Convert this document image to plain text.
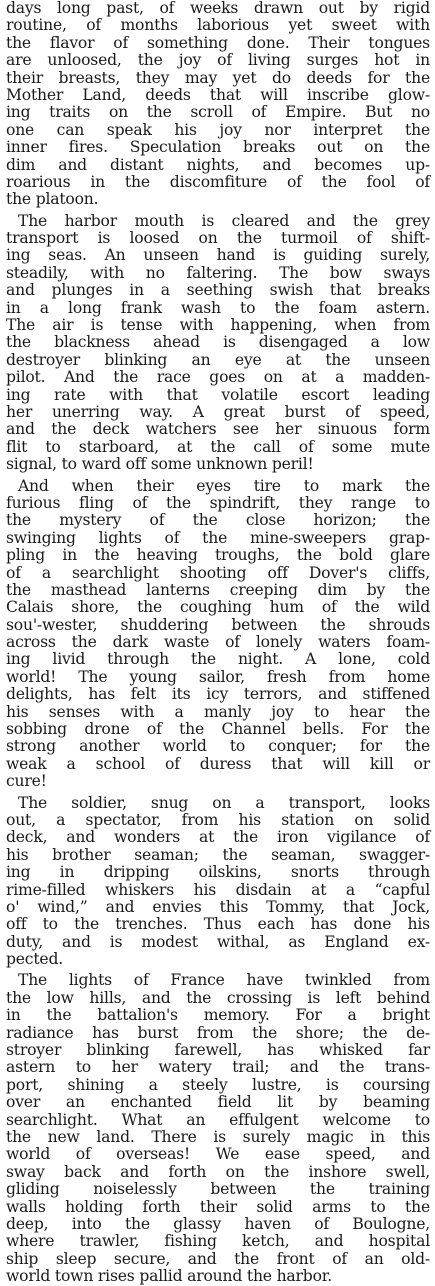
days long past, of weeks drawn out by rigid
routine, of months laborious yet sweet with
the flavor of something done. Their tongues
are unloosed, the joy of living surges hot in
their breasts, they may yet do deeds for the
Mother Land, deeds that will inscribe glow-
ing traits on the scroll of Empire. But no
one can speak his joy nor interpret the
inner fires. Speculation breaks out on the
dim and distant nights, and becomes up-
roarious in the discomfiture of the fool of
the platoon.
The harbor mouth is cleared and the grey
transport is loosed on the turmoil of shift-
ing seas. An unseen hand is guiding surely,
steadily, with no faltering. The bow sways
and plunges in a seething swish that breaks
in a long frank wash to the foam astern.
The air is tense with happening, when from
the blackness ahead is disengaged a low
destroyer blinking an eye at the unseen
pilot. And the race goes on at a madden-
ing rate with that volatile escort leading
her unerring way. A great burst of speed,
and the deck watchers see her sinuous form
flit to starboard, at the call of some mute
signal, to ward off some unknown peril!
And when their eyes tire to mark the
furious fling of the spindrift, they range to
the mystery of the close horizon; the
swinging lights of the mine-sweepers grap-
pling in the heaving troughs, the bold glare
of a searchlight shooting off Dover's cliffs,
the masthead lanterns creeping dim by the
Calais shore, the coughing hum of the wild
sou'-wester, shuddering between the shrouds
across the dark waste of lonely waters foam-
ing livid through the night. A lone, cold
world! The young sailor, fresh from home
delights, has felt its icy terrors, and stiffened
his senses with a manly joy to hear the
sobbing drone of the Channel bells. For the
strong another world to conquer; for the
weak a school of duress that will kill or
cure!
The soldier, snug on a transport, looks
out, a spectator, from his station on solid
deck, and wonders at the iron vigilance of
his brother seaman; the seaman, swagger-
ing in dripping oilskins, snorts through
rime-filled whiskers his disdain at a “capful
o' wind,” and envies this Tommy, that Jock,
off to the trenches. Thus each has done his
duty, and is modest withal, as England ex-
pected.
The lights of France have twinkled from
the low hills, and the crossing is left behind
in the battalion's memory. For a bright
radiance has burst from the shore; the de-
stroyer blinking farewell, has whisked far
astern to her watery trail; and the trans-
port, shining a steely lustre, is coursing
over an enchanted field lit by beaming
searchlight. What an effulgent welcome to
the new land. There is surely magic in this
world of overseas! We ease speed, and
sway back and forth on the inshore swell,
gliding noiselessly between the training
walls holding forth their solid arms to the
deep, into the glassy haven of Boulogne,
where trawler, fishing ketch, and hospital
ship sleep secure, and the front of an old-
world town rises pallid around the harbor.
